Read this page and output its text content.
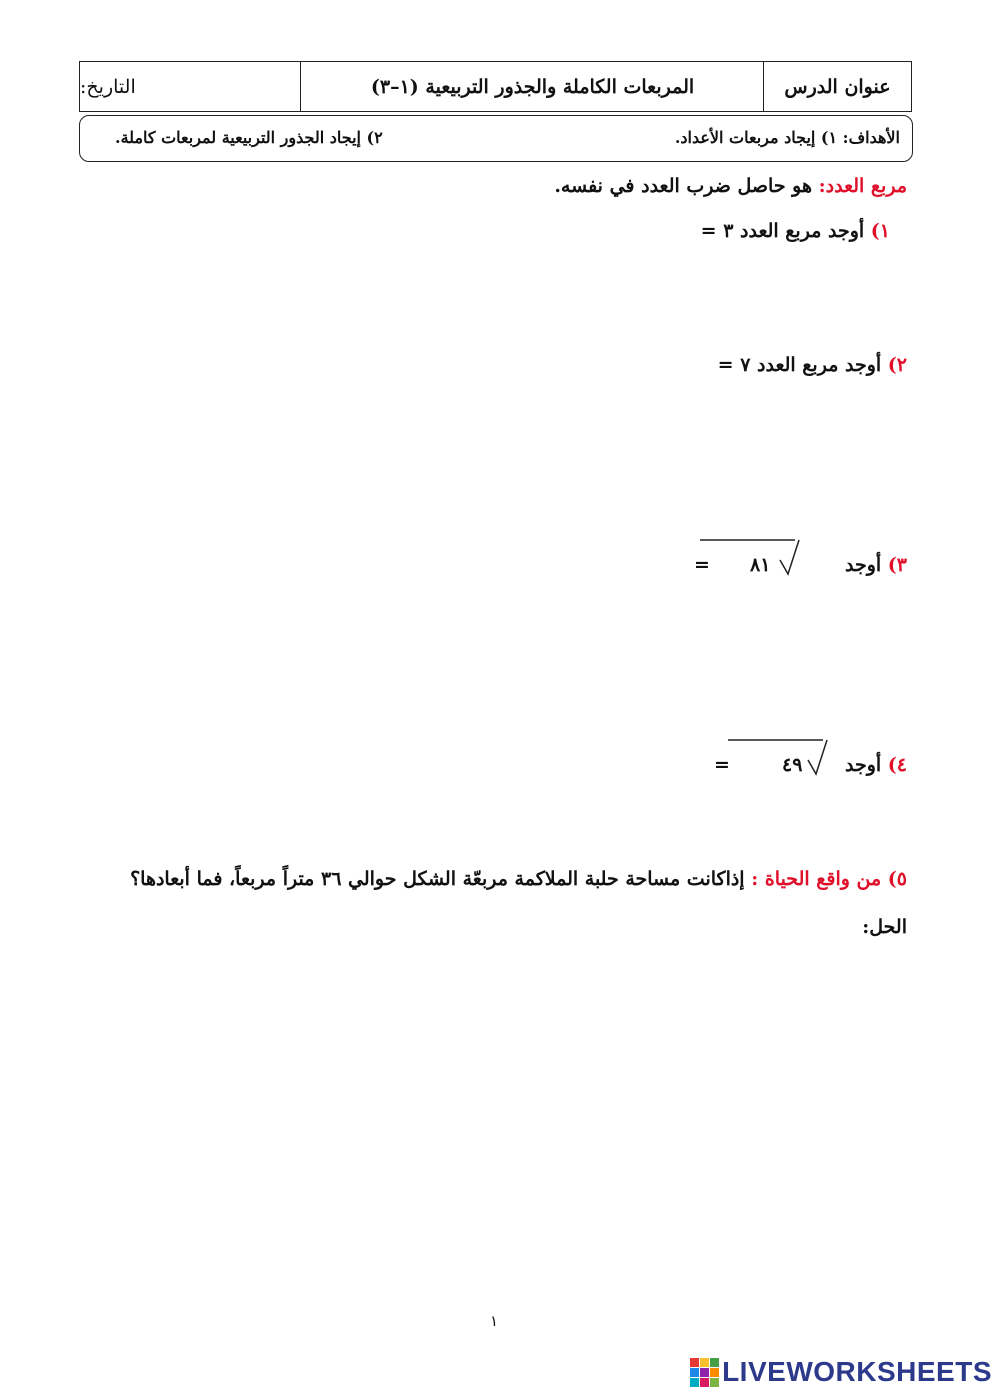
عنوان الدرس
المربعات الكاملة والجذور التربيعية (١–٣)
التاريخ:
الأهداف: ١) إيجاد مربعات الأعداد.
٢) إيجاد الجذور التربيعية لمربعات كاملة.
مربع العدد: هو حاصل ضرب العدد في نفسه.
١) أوجد مربع العدد ٣ =
٢) أوجد مربع العدد ٧ =
٣) أوجد
٨١
=
٤) أوجد
٤٩
=
٥) من واقع الحياة : إذاكانت مساحة حلبة الملاكمة مربعّة الشكل حوالي ٣٦ متراً مربعاً، فما أبعادها؟
الحل:
١
LIVEWORKSHEETS
